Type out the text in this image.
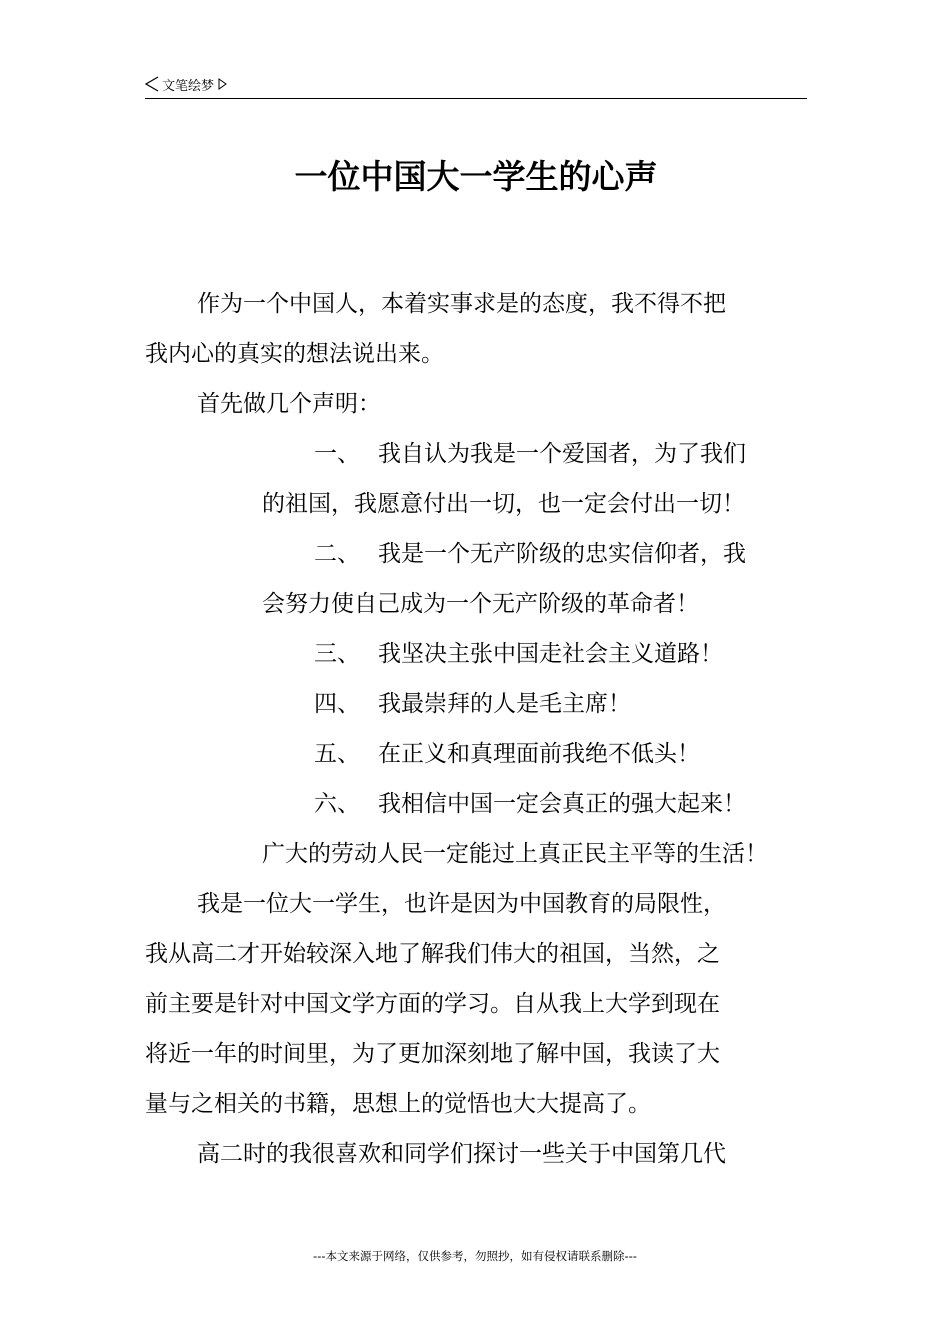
文笔绘梦
一位中国大一学生的心声

作为一个中国人，本着实事求是的态度，我不得不把

我内心的真实的想法说出来。

首先做几个声明：

一、 我自认为我是一个爱国者，为了我们

的祖国，我愿意付出一切，也一定会付出一切！

二、 我是一个无产阶级的忠实信仰者，我

会努力使自己成为一个无产阶级的革命者！

三、 我坚决主张中国走社会主义道路！

四、 我最崇拜的人是毛主席！

五、 在正义和真理面前我绝不低头！

六、 我相信中国一定会真正的强大起来！

广大的劳动人民一定能过上真正民主平等的生活！

我是一位大一学生，也许是因为中国教育的局限性，

我从高二才开始较深入地了解我们伟大的祖国，当然，之

前主要是针对中国文学方面的学习。自从我上大学到现在

将近一年的时间里，为了更加深刻地了解中国，我读了大

量与之相关的书籍，思想上的觉悟也大大提高了。

高二时的我很喜欢和同学们探讨一些关于中国第几代

---本文来源于网络，仅供参考，勿照抄，如有侵权请联系删除---
